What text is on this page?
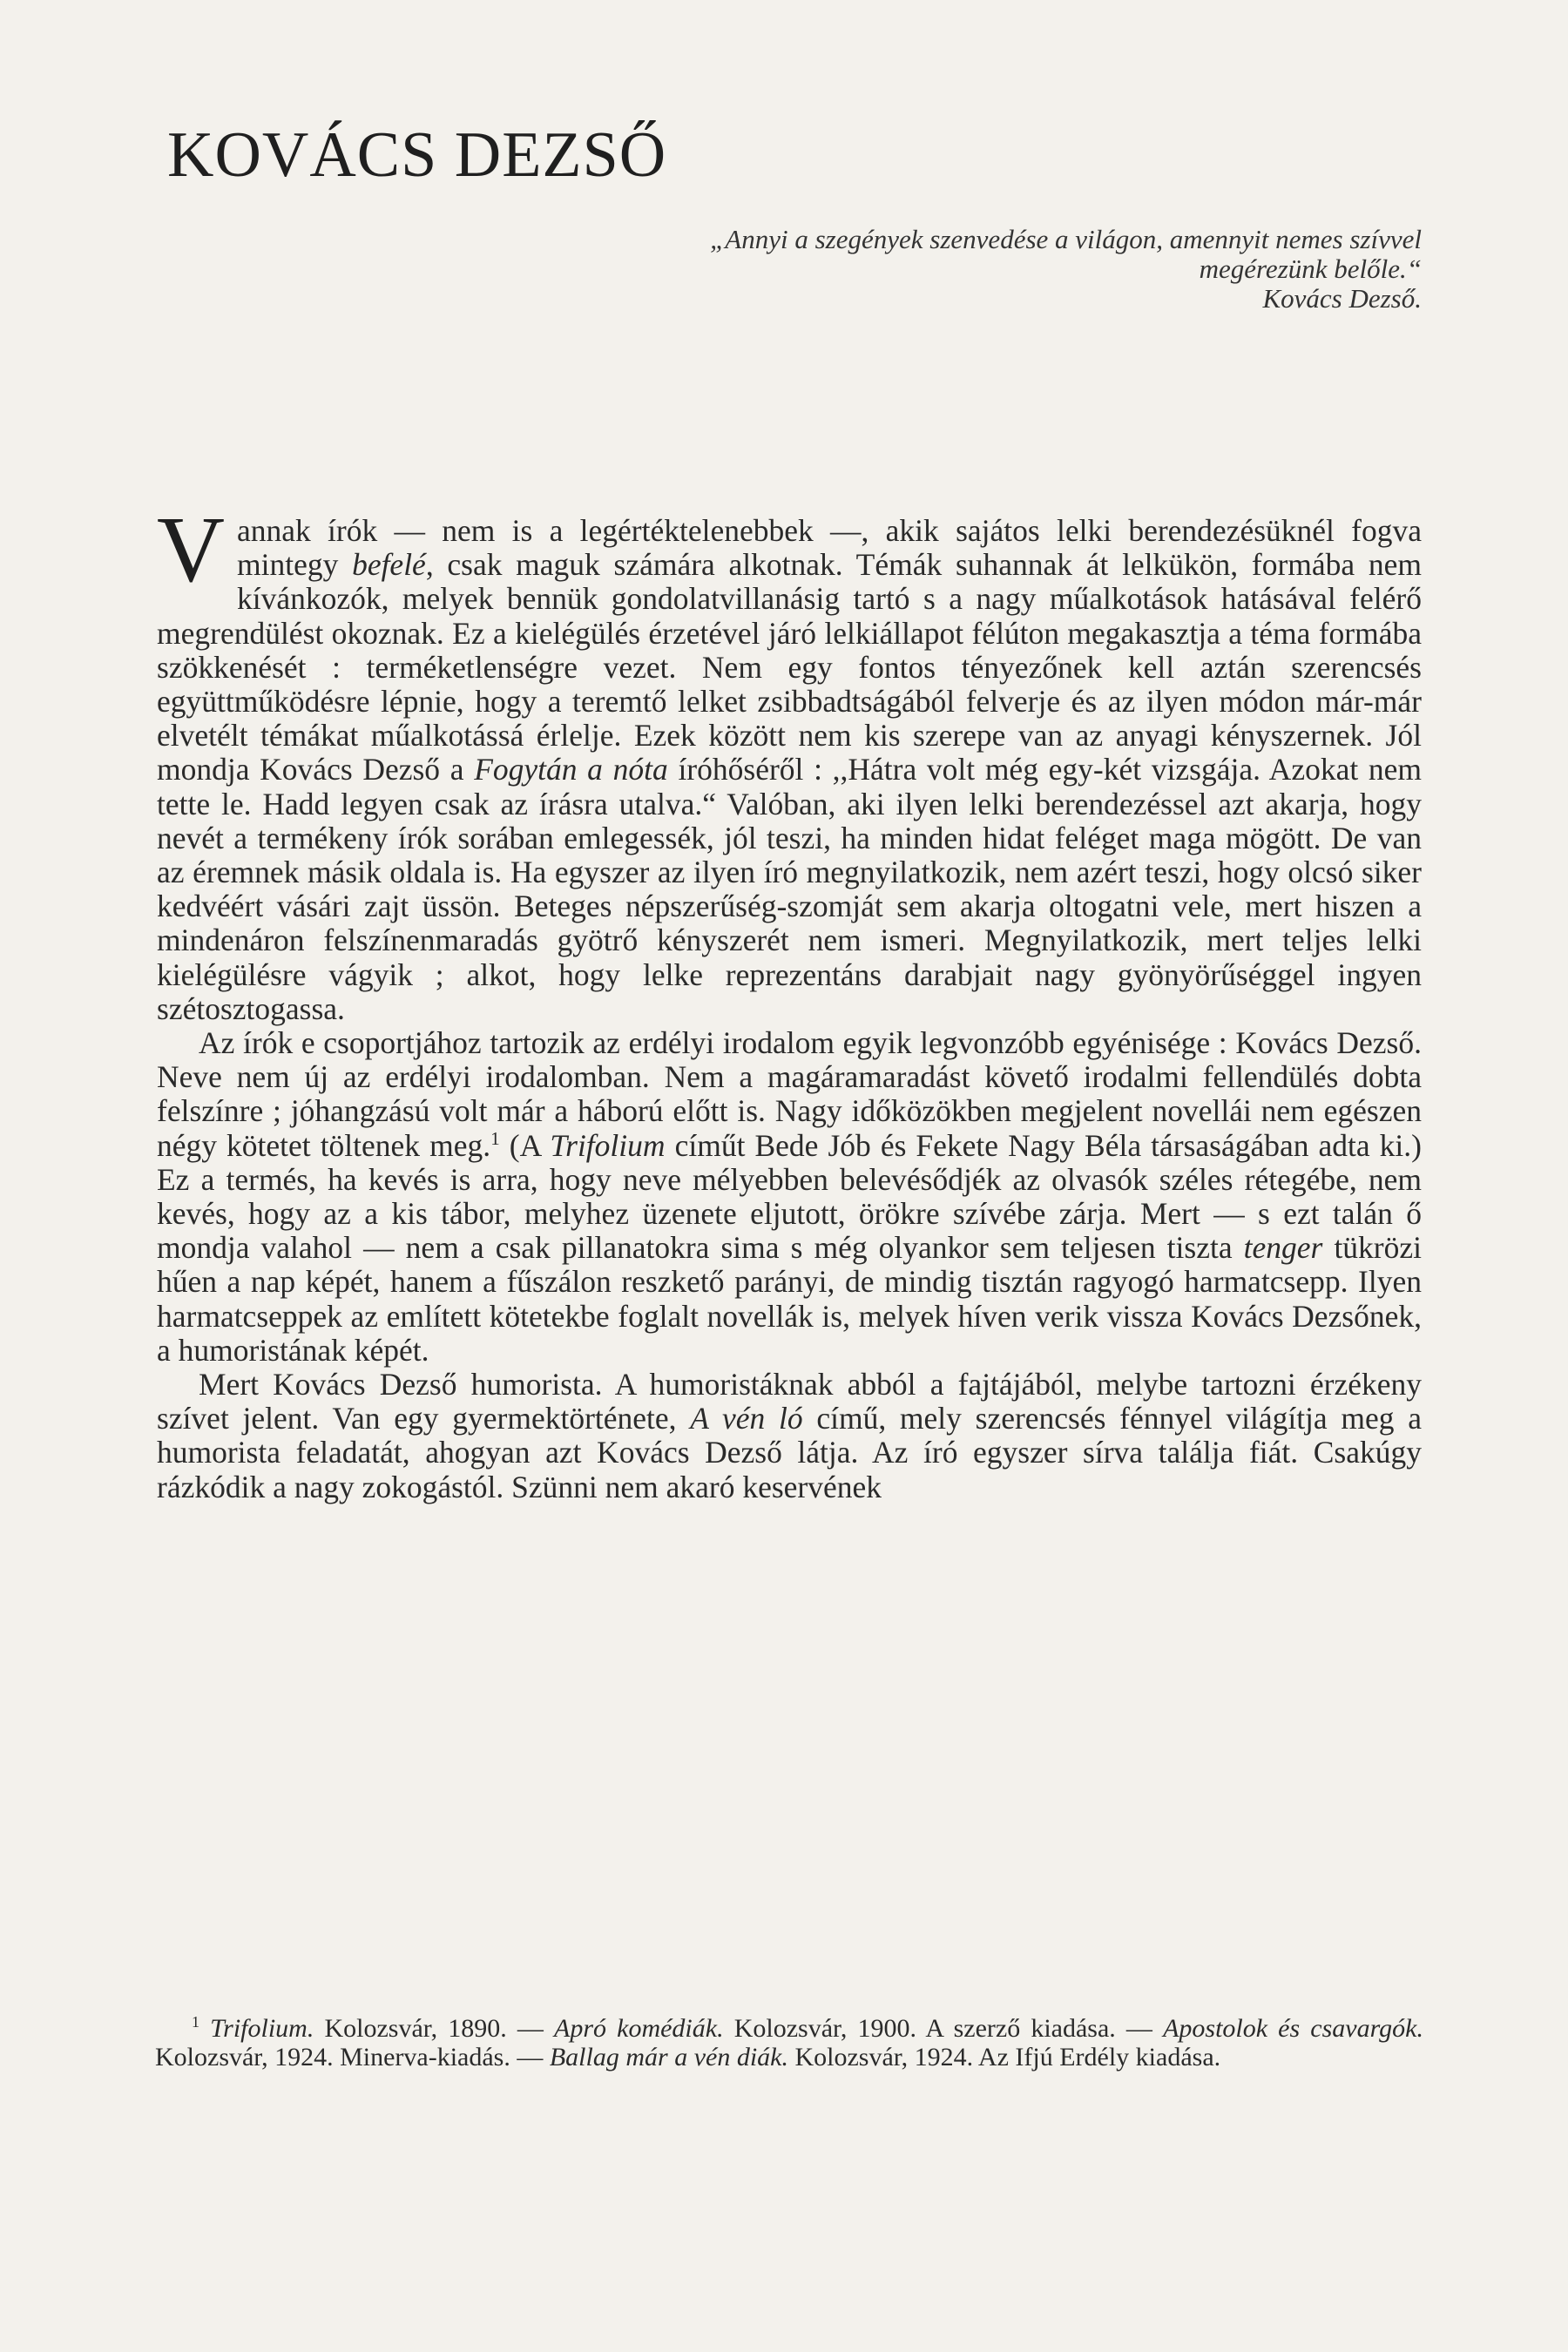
KOVÁCS DEZSŐ
„Annyi a szegények szenvedése a világon, amennyit nemes szívvel megérezünk belőle.“

Kovács Dezső.

Vannak írók — nem is a legértéktelenebbek —, akik sajátos lelki berendezésüknél fogva mintegy befelé, csak maguk számára alkotnak. Témák suhannak át lelkükön, formába nem kívánkozók, melyek bennük gondolatvillanásig tartó s a nagy műalkotások hatásával felérő megrendülést okoznak. Ez a kielégülés érzetével járó lelkiállapot félúton megakasztja a téma formába szökkenését : terméketlenségre vezet. Nem egy fontos tényezőnek kell aztán szerencsés együttműködésre lépnie, hogy a teremtő lelket zsibbadtságából felverje és az ilyen módon már-már elvetélt témákat műalkotássá érlelje. Ezek között nem kis szerepe van az anyagi kényszernek. Jól mondja Kovács Dezső a Fogytán a nóta íróhőséről : ,,Hátra volt még egy-két vizsgája. Azokat nem tette le. Hadd legyen csak az írásra utalva.“ Valóban, aki ilyen lelki berendezéssel azt akarja, hogy nevét a termékeny írók sorában emlegessék, jól teszi, ha minden hidat feléget maga mögött. De van az éremnek másik oldala is. Ha egyszer az ilyen író megnyilatkozik, nem azért teszi, hogy olcsó siker kedvéért vásári zajt üssön. Beteges népszerűség-szomját sem akarja oltogatni vele, mert hiszen a mindenáron felszínenmaradás gyötrő kényszerét nem ismeri. Megnyilatkozik, mert teljes lelki kielégülésre vágyik ; alkot, hogy lelke reprezentáns darabjait nagy gyönyörűséggel ingyen szétosztogassa.

Az írók e csoportjához tartozik az erdélyi irodalom egyik legvonzóbb egyénisége : Kovács Dezső. Neve nem új az erdélyi irodalomban. Nem a magáramaradást követő irodalmi fellendülés dobta felszínre ; jóhangzású volt már a háború előtt is. Nagy időközökben megjelent novellái nem egészen négy kötetet töltenek meg.$^1$ (A Trifolium címűt Bede Jób és Fekete Nagy Béla társaságában adta ki.) Ez a termés, ha kevés is arra, hogy neve mélyebben belevésődjék az olvasók széles rétegébe, nem kevés, hogy az a kis tábor, melyhez üzenete eljutott, örökre szívébe zárja. Mert — s ezt talán ő mondja valahol — nem a csak pillanatokra sima s még olyankor sem teljesen tiszta tenger tükrözi hűen a nap képét, hanem a fűszálon reszkető parányi, de mindig tisztán ragyogó harmatcsepp. Ilyen harmatcseppek az említett kötetekbe foglalt novellák is, melyek híven verik vissza Kovács Dezsőnek, a humoristának képét.

Mert Kovács Dezső humorista. A humoristáknak abból a fajtájából, melybe tartozni érzékeny szívet jelent. Van egy gyermektörténete, A vén ló című, mely szerencsés fénnyel világítja meg a humorista feladatát, ahogyan azt Kovács Dezső látja. Az író egyszer sírva találja fiát. Csakúgy rázkódik a nagy zokogástól. Szünni nem akaró keservének

$^1$ Trifolium. Kolozsvár, 1890. — Apró komédiák. Kolozsvár, 1900. A szerző kiadása. — Apostolok és csavargók. Kolozsvár, 1924. Minerva-kiadás. — Ballag már a vén diák. Kolozsvár, 1924. Az Ifjú Erdély kiadása.
